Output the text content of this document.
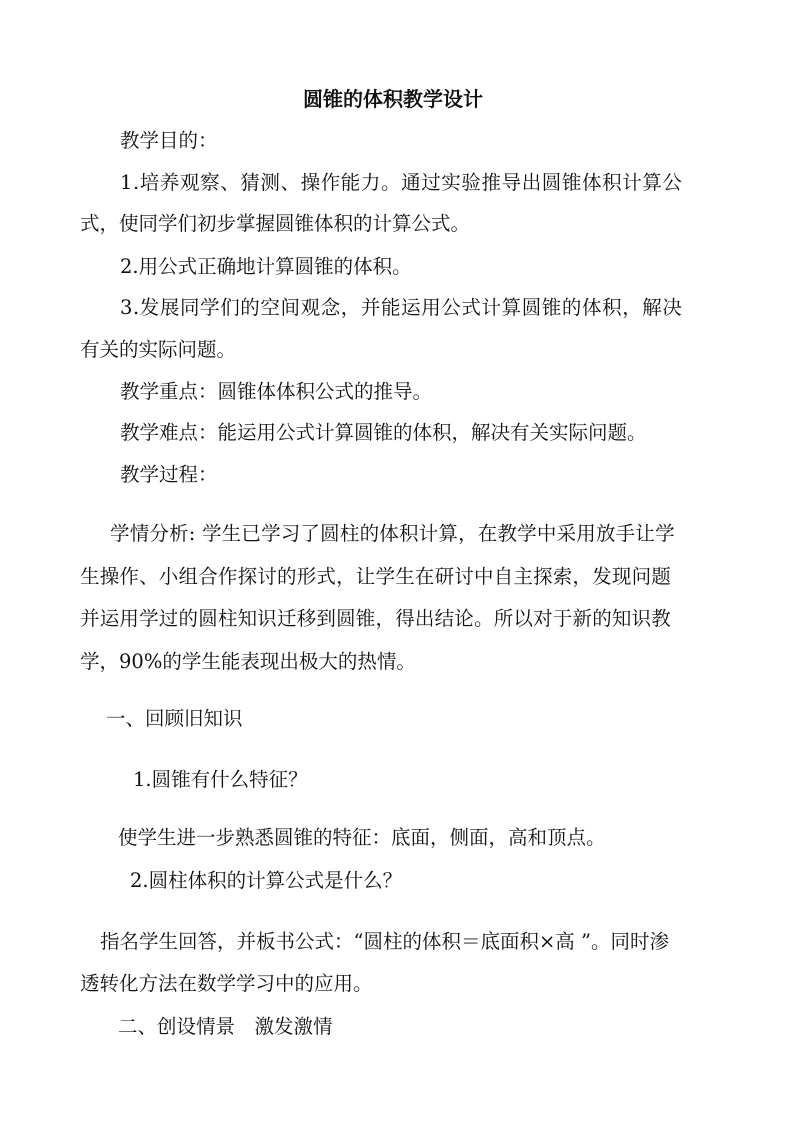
圆锥的体积教学设计

教学目的：

1.培养观察、猜测、操作能力。通过实验推导出圆锥体积计算公

式，使同学们初步掌握圆锥体积的计算公式。

2.用公式正确地计算圆锥的体积。

3.发展同学们的空间观念，并能运用公式计算圆锥的体积，解决

有关的实际问题。

教学重点：圆锥体体积公式的推导。

教学难点：能运用公式计算圆锥的体积，解决有关实际问题。

教学过程：

学情分析: 学生已学习了圆柱的体积计算，在教学中采用放手让学

生操作、小组合作探讨的形式，让学生在研讨中自主探索，发现问题

并运用学过的圆柱知识迁移到圆锥，得出结论。所以对于新的知识教

学，90%的学生能表现出极大的热情。

一、回顾旧知识

1.圆锥有什么特征？

使学生进一步熟悉圆锥的特征：底面，侧面，高和顶点。

2.圆柱体积的计算公式是什么？

指名学生回答，并板书公式：“圆柱的体积＝底面积×高 ”。同时渗

透转化方法在数学学习中的应用。

二、创设情景　激发激情
